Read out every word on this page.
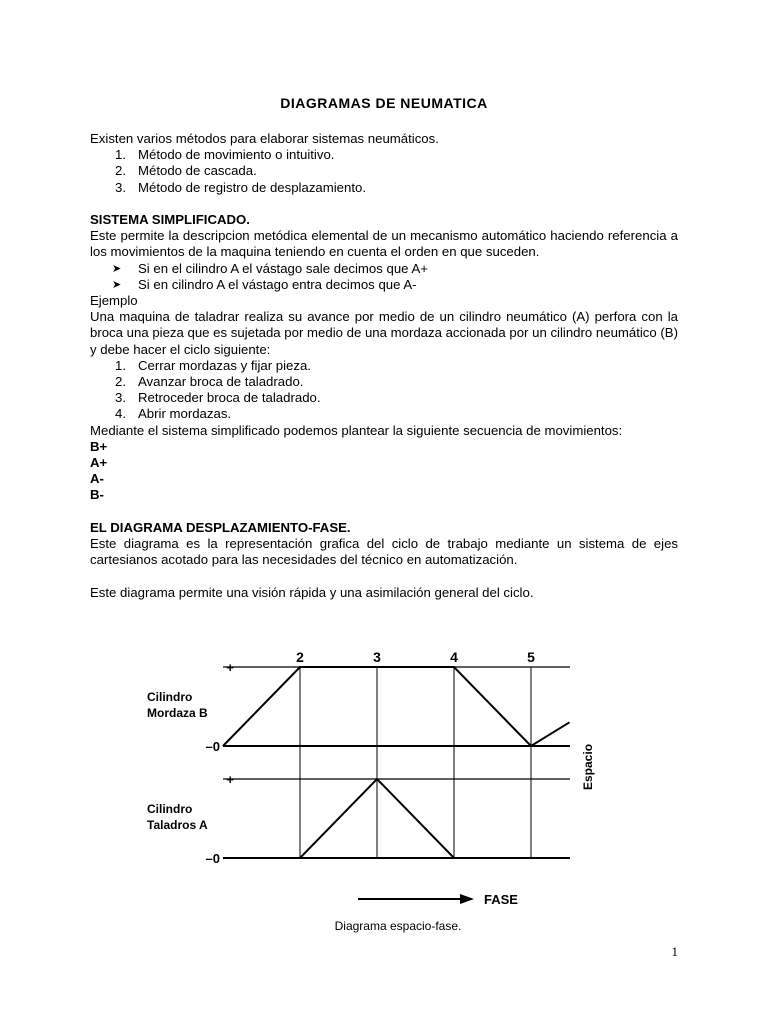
DIAGRAMAS DE NEUMATICA

Existen varios métodos para elaborar sistemas neumáticos.

1. Método de movimiento o intuitivo.
2. Método de cascada.
3. Método de registro de desplazamiento.

SISTEMA SIMPLIFICADO.

Este permite la descripcion metódica elemental de un mecanismo automático haciendo referencia a los movimientos de la maquina teniendo en cuenta el orden en que suceden.

➤ Si en el cilindro A el vástago sale decimos que A+
➤ Si en cilindro A el vástago entra decimos que A-

Ejemplo

Una maquina de taladrar realiza su avance por medio de un cilindro neumático (A) perfora con la broca una pieza que es sujetada por medio de una mordaza accionada por un cilindro neumático (B) y debe hacer el ciclo siguiente:

1. Cerrar mordazas y fijar pieza.
2. Avanzar broca de taladrado.
3. Retroceder broca de taladrado.
4. Abrir mordazas.

Mediante el sistema simplificado podemos plantear la siguiente secuencia de movimientos:

B+

A+

A-

B-

EL DIAGRAMA DESPLAZAMIENTO-FASE.

Este diagrama es la representación grafica del ciclo de trabajo mediante un sistema de ejes cartesianos acotado para las necesidades del técnico en automatización.

Este diagrama permite una visión rápida y una asimilación general del ciclo.

2	3	4	5
+
–0
Cilindro
Mordaza B
+
–0
Cilindro
Taladros A
Espacio
FASE
Diagrama espacio-fase.
1
